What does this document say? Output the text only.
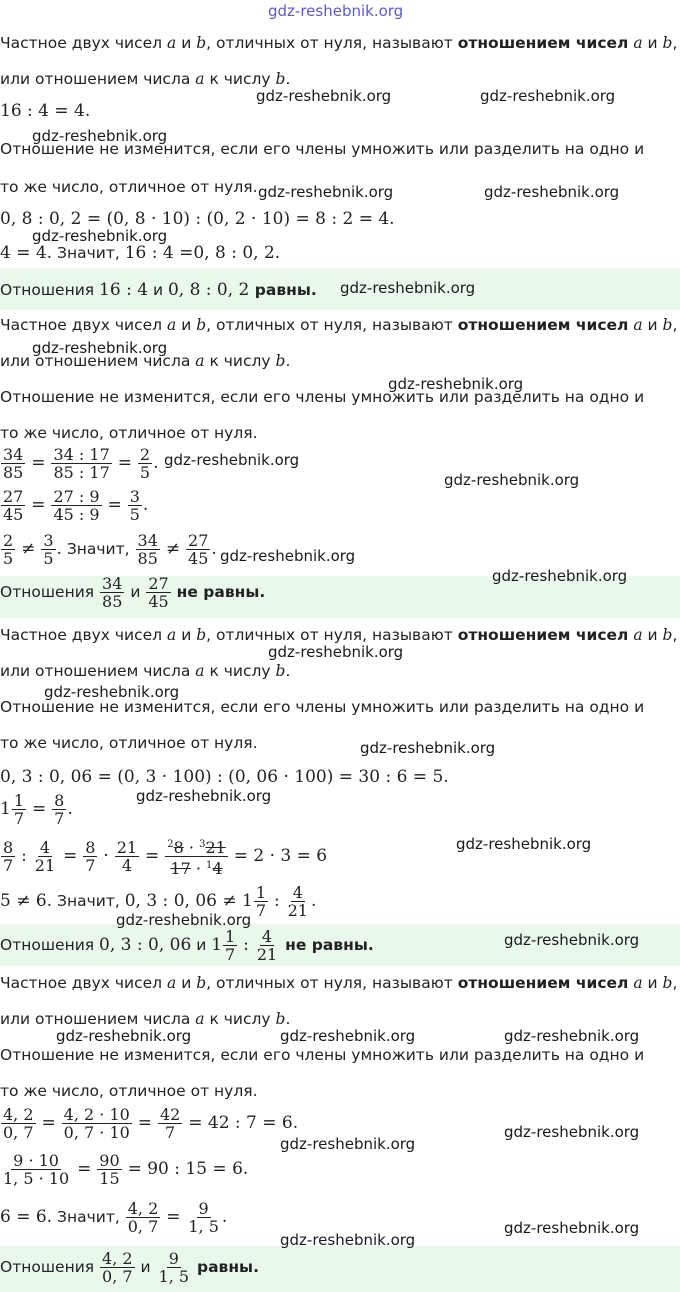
gdz-reshebnik.org
Частное двух чисел a и b, отличных от нуля, называют отношением чисел a и b,
или отношением числа a к числу b.
16 : 4 = 4.
Отношение не изменится, если его члены умножить или разделить на одно и
то же число, отличное от нуля.
0, 8 : 0, 2 = (0, 8 · 10) : (0, 2 · 10) = 8 : 2 = 4.
4 = 4. Значит, 16 : 4 =0, 8 : 0, 2.
Отношения 16 : 4 и 0, 8 : 0, 2 равны.
Частное двух чисел a и b, отличных от нуля, называют отношением чисел a и b,
или отношением числа a к числу b.
Отношение не изменится, если его члены умножить или разделить на одно и
то же число, отличное от нуля.
$\frac{34}{85} = \frac{34 : 17}{85 : 17} = \frac{2}{5}$ .
$\frac{27}{45} = \frac{27 : 9}{45 : 9} = \frac{3}{5}$ .
$\frac{2}{5} \ne \frac{3}{5}$ . Значит, $\frac{34}{85} \ne \frac{27}{45}$ .
Отношения $\frac{34}{85}$ и $\frac{27}{45}$ не равны.
Частное двух чисел a и b, отличных от нуля, называют отношением чисел a и b,
или отношением числа a к числу b.
Отношение не изменится, если его члены умножить или разделить на одно и
то же число, отличное от нуля.
0, 3 : 0, 06 = (0, 3 · 100) : (0, 06 · 100) = 30 : 6 = 5.
$1 \frac{1}{7} = \frac{8}{7}$ .
$\frac{8}{7}$ : $\frac{4}{21} = \frac{8}{7} \cdot \frac{21}{4} = \frac{^28 \cdot ^321}{17 \cdot ^14} = 2 \cdot 3 = 6$
5 ≠ 6. Значит, 0, 3 : 0, $06 \ne 1 \frac{1}{7}$ : $\frac{4}{21}$ .
Отношения 0, 3 : 0, 06 и $1 \frac{1}{7}$ : $\frac{4}{21}$ не равны.
Частное двух чисел a и b, отличных от нуля, называют отношением чисел a и b,
или отношением числа a к числу b.
Отношение не изменится, если его члены умножить или разделить на одно и
то же число, отличное от нуля.
$\frac{4, 2}{0, 7} = \frac{4, 2 \cdot 10}{0, 7 \cdot 10} = \frac{42}{7} = 42$ : 7 = 6.
$\frac{9 \cdot 10}{1, 5 \cdot 10} = \frac{90}{15} = 90$ : 15 = 6.
6 = 6. Значит, $\frac{4, 2}{0, 7} = \frac{9}{1, 5}$ .
Отношения $\frac{4, 2}{0, 7}$ и $\frac{9}{1, 5}$ равны.
gdz-reshebnik.org	gdz-reshebnik.org
gdz-reshebnik.org
gdz-reshebnik.org	gdz-reshebnik.org
gdz-reshebnik.org
gdz-reshebnik.org
gdz-reshebnik.org
gdz-reshebnik.org
gdz-reshebnik.org
gdz-reshebnik.org
gdz-reshebnik.org
gdz-reshebnik.org
gdz-reshebnik.org
gdz-reshebnik.org
gdz-reshebnik.org
gdz-reshebnik.org
gdz-reshebnik.org
gdz-reshebnik.org
gdz-reshebnik.org
gdz-reshebnik.org	gdz-reshebnik.org	gdz-reshebnik.org
gdz-reshebnik.org
gdz-reshebnik.org
gdz-reshebnik.org
gdz-reshebnik.org
